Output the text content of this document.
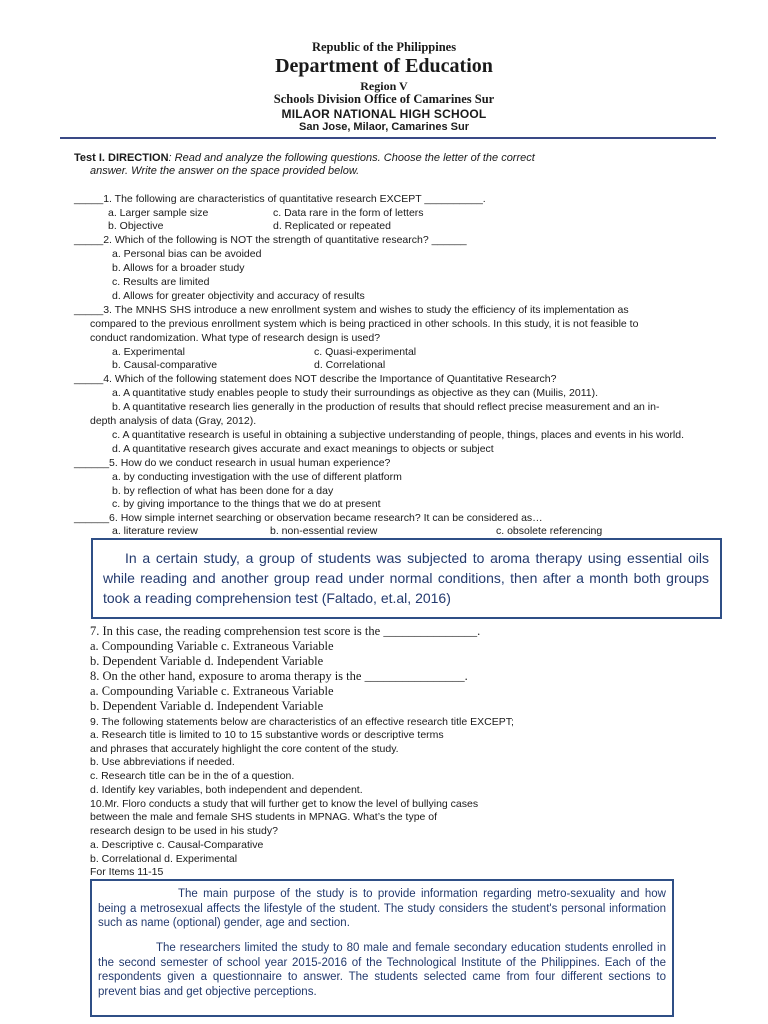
Republic of the Philippines
Department of Education
Region V
Schools Division Office of Camarines Sur
MILAOR NATIONAL HIGH SCHOOL
San Jose, Milaor, Camarines Sur
Test I. DIRECTION: Read and analyze the following questions. Choose the letter of the correct
answer. Write the answer on the space provided below.
_____1. The following are characteristics of quantitative research EXCEPT __________.
a. Larger sample size	c. Data rare in the form of letters
b. Objective	d. Replicated or repeated
_____2. Which of the following is NOT the strength of quantitative research? ______
a. Personal bias can be avoided
b. Allows for a broader study
c. Results are limited
d. Allows for greater objectivity and accuracy of results
_____3. The MNHS SHS introduce a new enrollment system and wishes to study the efficiency of its implementation as
compared to the previous enrollment system which is being practiced in other schools. In this study, it is not feasible to
conduct randomization. What type of research design is used?
a. Experimental	c. Quasi-experimental
b. Causal-comparative	d. Correlational
_____4. Which of the following statement does NOT describe the Importance of Quantitative Research?
a. A quantitative study enables people to study their surroundings as objective as they can (Muilis, 2011).
b. A quantitative research lies generally in the production of results that should reflect precise measurement and an in-
depth analysis of data (Gray, 2012).
c. A quantitative research is useful in obtaining a subjective understanding of people, things, places and events in his world.
d. A quantitative research gives accurate and exact meanings to objects or subject
______5. How do we conduct research in usual human experience?
a. by conducting investigation with the use of different platform
b. by reflection of what has been done for a day
c. by giving importance to the things that we do at present
______6. How simple internet searching or observation became research? It can be considered as…
a. literature review	b. non-essential review	c. obsolete referencing
In a certain study, a group of students was subjected to aroma therapy using essential oils while reading and another group read under normal conditions, then after a month both groups took a reading comprehension test (Faltado, et.al, 2016)
7. In this case, the reading comprehension test score is the _______________.
a. Compounding Variable c. Extraneous Variable
b. Dependent Variable d. Independent Variable
8. On the other hand, exposure to aroma therapy is the ________________.
a. Compounding Variable c. Extraneous Variable
b. Dependent Variable d. Independent Variable
9. The following statements below are characteristics of an effective research title EXCEPT;
a. Research title is limited to 10 to 15 substantive words or descriptive terms
and phrases that accurately highlight the core content of the study.
b. Use abbreviations if needed.
c. Research title can be in the of a question.
d. Identify key variables, both independent and dependent.
10.Mr. Floro conducts a study that will further get to know the level of bullying cases
between the male and female SHS students in MPNAG. What’s the type of
research design to be used in his study?
a. Descriptive c. Causal-Comparative
b. Correlational d. Experimental
For Items 11-15
The main purpose of the study is to provide information regarding metro-sexuality and how being a metrosexual affects the lifestyle of the student. The study considers the student's personal information such as name (optional) gender, age and section.
The researchers limited the study to 80 male and female secondary education students enrolled in the second semester of school year 2015-2016 of the Technological Institute of the Philippines. Each of the respondents given a questionnaire to answer. The students selected came from four different sections to prevent bias and get objective perceptions.
